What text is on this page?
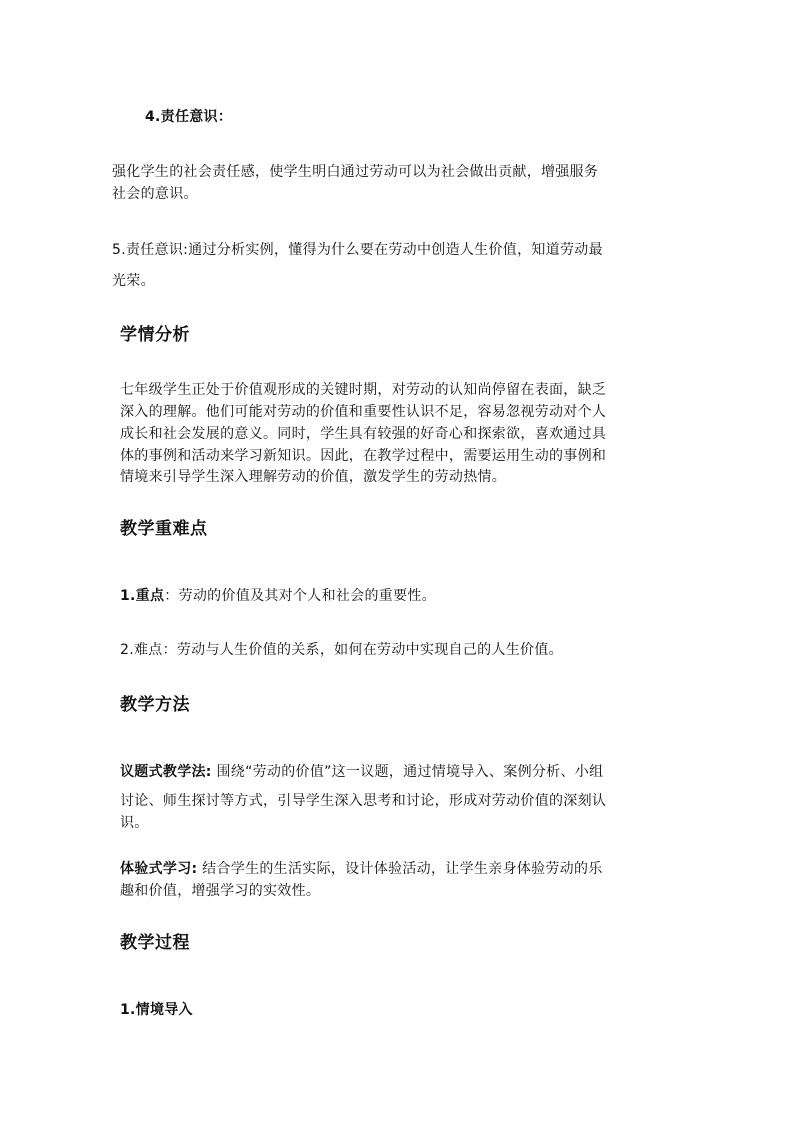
4.责任意识：
强化学生的社会责任感，使学生明白通过劳动可以为社会做出贡献，增强服务
社会的意识。
5.责任意识:通过分析实例，懂得为什么要在劳动中创造人生价值，知道劳动最
光荣。
学情分析
七年级学生正处于价值观形成的关键时期，对劳动的认知尚停留在表面，缺乏
深入的理解。他们可能对劳动的价值和重要性认识不足，容易忽视劳动对个人
成长和社会发展的意义。同时，学生具有较强的好奇心和探索欲，喜欢通过具
体的事例和活动来学习新知识。因此，在教学过程中，需要运用生动的事例和
情境来引导学生深入理解劳动的价值，激发学生的劳动热情。
教学重难点
1.重点：劳动的价值及其对个人和社会的重要性。
2.难点：劳动与人生价值的关系，如何在劳动中实现自己的人生价值。
教学方法
议题式教学法: 围绕“劳动的价值”这一议题，通过情境导入、案例分析、小组
讨论、师生探讨等方式，引导学生深入思考和讨论，形成对劳动价值的深刻认
识。
体验式学习: 结合学生的生活实际，设计体验活动，让学生亲身体验劳动的乐
趣和价值，增强学习的实效性。
教学过程
1.情境导入
